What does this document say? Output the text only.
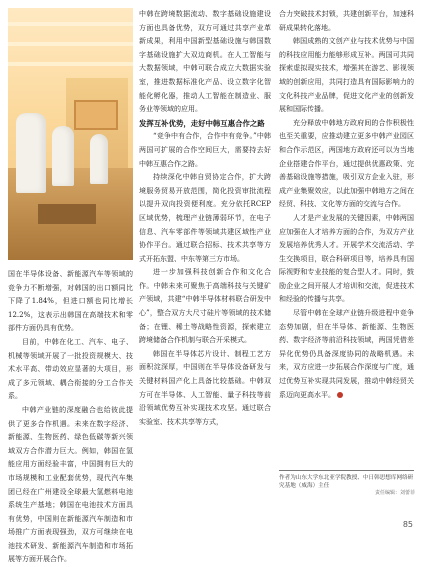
国在半导体设备、新能源汽车等领域的竞争力不断增强，对韩国的出口额同比下降了1.84%，但进口额也同比增长12.2%，这表示出韩国在高端技术和零部件方面仍具有优势。

目前，中韩在化工、汽车、电子、机械等领域开展了一批投资规模大、技术水平高、带动效应显著的大项目，形成了多元领域、耦合衔接的分工合作关系。

中韩产业链的深度融合也给彼此提供了更多合作机遇。未来在数字经济、新能源、生物医药、绿色低碳等新兴领域双方合作潜力巨大。例如，韩国在氢能应用方面经验丰富，中国拥有巨大的市场规模和工业配套优势，现代汽车集团已经在广州建设全球最大氢燃料电池系统生产基地；韩国在电池技术方面具有优势，中国则在新能源汽车制造和市场推广方面表现强劲，双方可继续在电池技术研发、新能源汽车制造和市场拓展等方面开展合作。

中韩在跨境数据流动、数字基础设施建设方面也具备优势，双方可通过共享产业革新成果，利用中国新型基础设施与韩国数字基础设施扩大双边商机。在人工智能与大数据领域，中韩可联合成立大数据实验室，推进数据标准化产品、设立数字化智能化孵化器，推动人工智能在制造业、服务业等领域的应用。

发挥互补优势，走好中韩互惠合作之路

“竞争中有合作，合作中有竞争。”中韩两国可扩展的合作空间巨大，需要持去好中韩互惠合作之路。

持续深化中韩自贸协定合作，扩大跨境服务贸易开放范围，简化投资审批流程以提升双向投资便利度。充分依托RCEP区域优势，梳理产业链薄弱环节，在电子信息、汽车零部件等领域共建区域性产业协作平台。通过联合招标、技术共享等方式开拓东盟、中东等第三方市场。

进一步加强科技创新合作和文化合作。中韩未来可聚焦于高端科技与关键矿产领域，共建“中韩半导体材料联合研发中心”，整合双方大尺寸硅片等领域的技术储备；在锂、稀土等战略性资源，探索建立跨境储备合作机制与联合开采模式。

韩国在半导体芯片设计、制程工艺方面积淀深厚，中国则在半导体设备研发与关键材料国产化上具备比较基础。中韩双方可在半导体、人工智能、量子科技等前沿领域优势互补实现技术攻坚。通过联合实验室、技术共享等方式，

合力突破技术封锁，共建创新平台，加速科研成果转化落地。

韩国成熟的文创产业与技术优势与中国的科技应用能力能够形成互补。两国可共同探索虚拟现实技术，增强其在游艺、影视领域的创新应用，共同打造具有国际影响力的文化科技产业品牌，促进文化产业的创新发展和国际传播。

充分释放中韩地方政府间的合作积极性也至关重要，应推动建立更多中韩产业园区和合作示范区，两国地方政府还可以为当地企业搭建合作平台，通过提供优惠政策、完善基础设施等措施，吸引双方企业入驻，形成产业集聚效应，以此加强中韩地方之间在经贸、科技、文化等方面的交流与合作。

人才是产业发展的关键因素，中韩两国应加强在人才培养方面的合作，为双方产业发展培养优秀人才。开展学术交流活动、学生交换项目，联合科研项目等，培养具有国际视野和专业技能的复合型人才。同时，鼓励企业之间开展人才培训和交流，促进技术和经验的传播与共享。

尽管中韩在全球产业链升级进程中竞争态势加剧，但在半导体、新能源、生物医药、数字经济等前沿科技领域，两国凭借差异化优势仍具备深度协同的战略机遇。未来，双方应进一步拓展合作深度与广度，通过优势互补实现共同发展，推动中韩经贸关系迈向更高水平。

作者为山东大学东北亚学院教授、中日韩思想库网络研究基地（威海）主任
责任编辑：刘蕾菲
85
